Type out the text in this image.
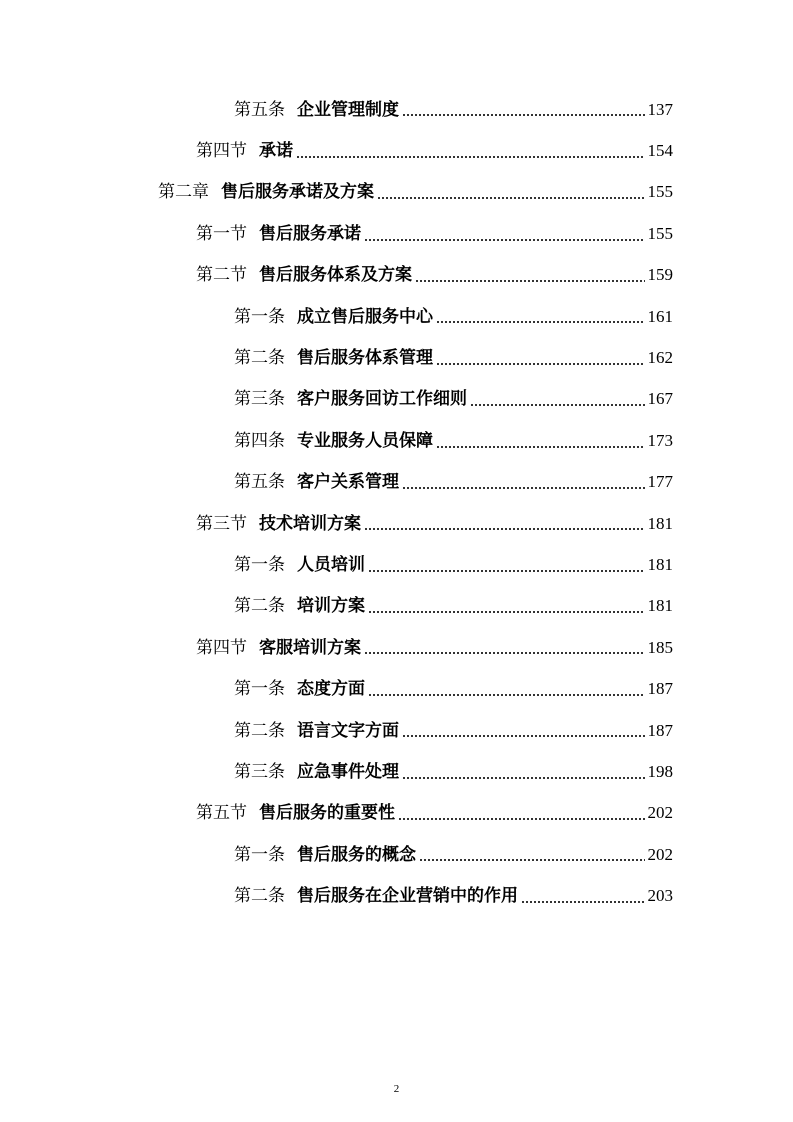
第五条 企业管理制度	137
第四节 承诺	154
第二章 售后服务承诺及方案	155
第一节 售后服务承诺	155
第二节 售后服务体系及方案	159
第一条 成立售后服务中心	161
第二条 售后服务体系管理	162
第三条 客户服务回访工作细则	167
第四条 专业服务人员保障	173
第五条 客户关系管理	177
第三节 技术培训方案	181
第一条 人员培训	181
第二条 培训方案	181
第四节 客服培训方案	185
第一条 态度方面	187
第二条 语言文字方面	187
第三条 应急事件处理	198
第五节 售后服务的重要性	202
第一条 售后服务的概念	202
第二条 售后服务在企业营销中的作用	203
2
